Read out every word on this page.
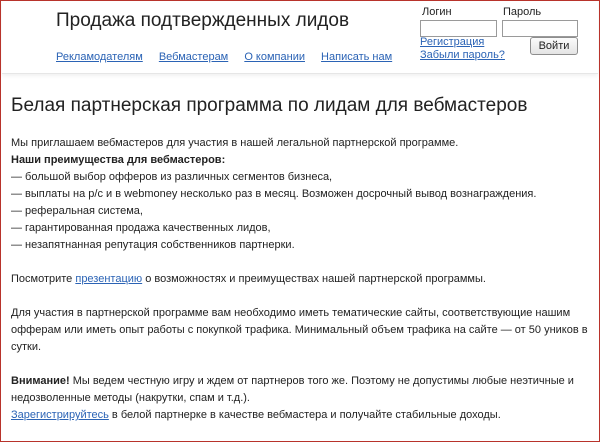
Продажа подтвержденных лидов
Рекламодателям Вебмастерам О компании Написать нам
Логин	Пароль
Регистрация
Забыли пароль?
Войти
Белая партнерская программа по лидам для вебмастеров

Мы приглашаем вебмастеров для участия в нашей легальной партнерской программе.

Наши преимущества для вебмастеров:
— большой выбор офферов из различных сегментов бизнеса,
— выплаты на р/с и в webmoney несколько раз в месяц. Возможен досрочный вывод вознаграждения.
— реферальная система,
— гарантированная продажа качественных лидов,
— незапятнанная репутация собственников партнерки.

Посмотрите презентацию о возможностях и преимуществах нашей партнерской программы.

Для участия в партнерской программе вам необходимо иметь тематические сайты, соответствующие нашим офферам или иметь опыт работы с покупкой трафика. Минимальный объем трафика на сайте — от 50 уников в сутки.

Внимание! Мы ведем честную игру и ждем от партнеров того же. Поэтому не допустимы любые неэтичные и недозволенные методы (накрутки, спам и т.д.).

Зарегистрируйтесь в белой партнерке в качестве вебмастера и получайте стабильные доходы.
